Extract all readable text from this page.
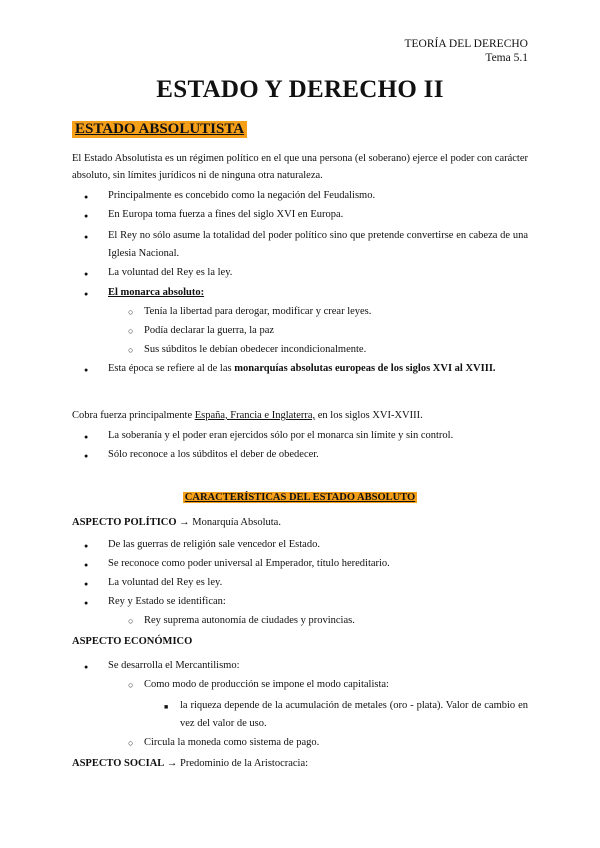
TEORÍA DEL DERECHO
Tema 5.1
ESTADO Y DERECHO II
ESTADO ABSOLUTISTA
El Estado Absolutista es un régimen político en el que una persona (el soberano) ejerce el poder con carácter absoluto, sin límites jurídicos ni de ninguna otra naturaleza.
● Principalmente es concebido como la negación del Feudalismo.
● En Europa toma fuerza a fines del siglo XVI en Europa.
● El Rey no sólo asume la totalidad del poder político sino que pretende convertirse en cabeza de una Iglesia Nacional.
● La voluntad del Rey es la ley.
● El monarca absoluto:
○ Tenía la libertad para derogar, modificar y crear leyes.
○ Podía declarar la guerra, la paz
○ Sus súbditos le debían obedecer incondicionalmente.
● Esta época se refiere al de las monarquías absolutas europeas de los siglos XVI al XVIII.
Cobra fuerza principalmente España, Francia e Inglaterra, en los siglos XVI-XVIII.
● La soberanía y el poder eran ejercidos sólo por el monarca sin límite y sin control.
● Sólo reconoce a los súbditos el deber de obedecer.
CARACTERÍSTICAS DEL ESTADO ABSOLUTO
ASPECTO POLÍTICO → Monarquía Absoluta.
● De las guerras de religión sale vencedor el Estado.
● Se reconoce como poder universal al Emperador, título hereditario.
● La voluntad del Rey es ley.
● Rey y Estado se identifican:
○ Rey suprema autonomía de ciudades y provincias.
ASPECTO ECONÓMICO
● Se desarrolla el Mercantilismo:
○ Como modo de producción se impone el modo capitalista:
■ la riqueza depende de la acumulación de metales (oro - plata). Valor de cambio en vez del valor de uso.
○ Circula la moneda como sistema de pago.
ASPECTO SOCIAL → Predominio de la Aristocracia:
